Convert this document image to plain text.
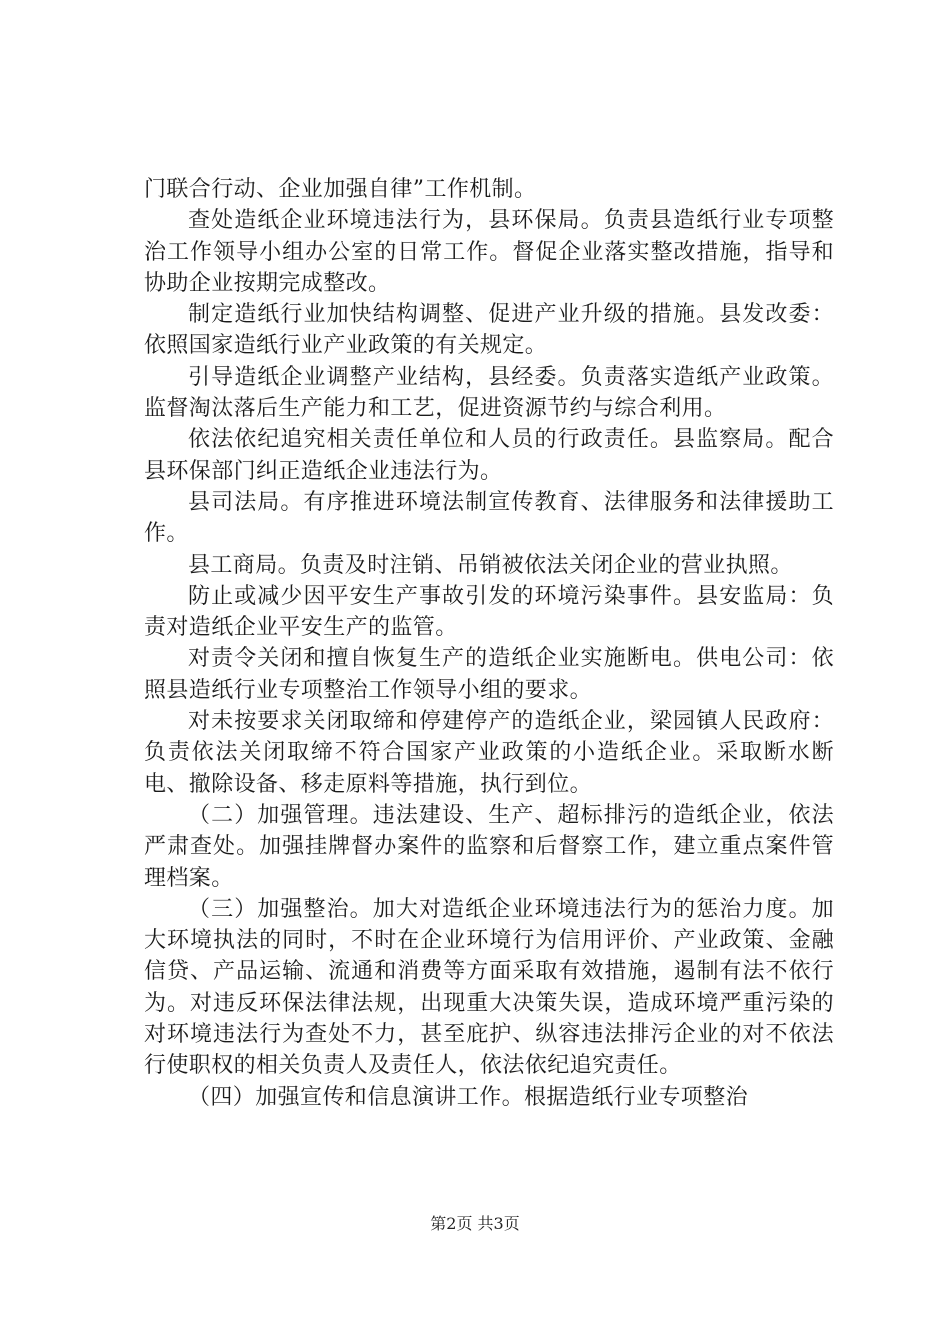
门联合行动、企业加强自律”工作机制。

查处造纸企业环境违法行为，县环保局。负责县造纸行业专项整治工作领导小组办公室的日常工作。督促企业落实整改措施，指导和协助企业按期完成整改。

制定造纸行业加快结构调整、促进产业升级的措施。县发改委：依照国家造纸行业产业政策的有关规定。

引导造纸企业调整产业结构，县经委。负责落实造纸产业政策。监督淘汰落后生产能力和工艺，促进资源节约与综合利用。

依法依纪追究相关责任单位和人员的行政责任。县监察局。配合县环保部门纠正造纸企业违法行为。

县司法局。有序推进环境法制宣传教育、法律服务和法律援助工作。

县工商局。负责及时注销、吊销被依法关闭企业的营业执照。

防止或减少因平安生产事故引发的环境污染事件。县安监局：负责对造纸企业平安生产的监管。

对责令关闭和擅自恢复生产的造纸企业实施断电。供电公司：依照县造纸行业专项整治工作领导小组的要求。

对未按要求关闭取缔和停建停产的造纸企业，梁园镇人民政府：负责依法关闭取缔不符合国家产业政策的小造纸企业。采取断水断电、撤除设备、移走原料等措施，执行到位。

（二）加强管理。违法建设、生产、超标排污的造纸企业，依法严肃查处。加强挂牌督办案件的监察和后督察工作，建立重点案件管理档案。

（三）加强整治。加大对造纸企业环境违法行为的惩治力度。加大环境执法的同时，不时在企业环境行为信用评价、产业政策、金融信贷、产品运输、流通和消费等方面采取有效措施，遏制有法不依行为。对违反环保法律法规，出现重大决策失误，造成环境严重污染的对环境违法行为查处不力，甚至庇护、纵容违法排污企业的对不依法行使职权的相关负责人及责任人，依法依纪追究责任。

（四）加强宣传和信息演讲工作。根据造纸行业专项整治

第2页 共3页
